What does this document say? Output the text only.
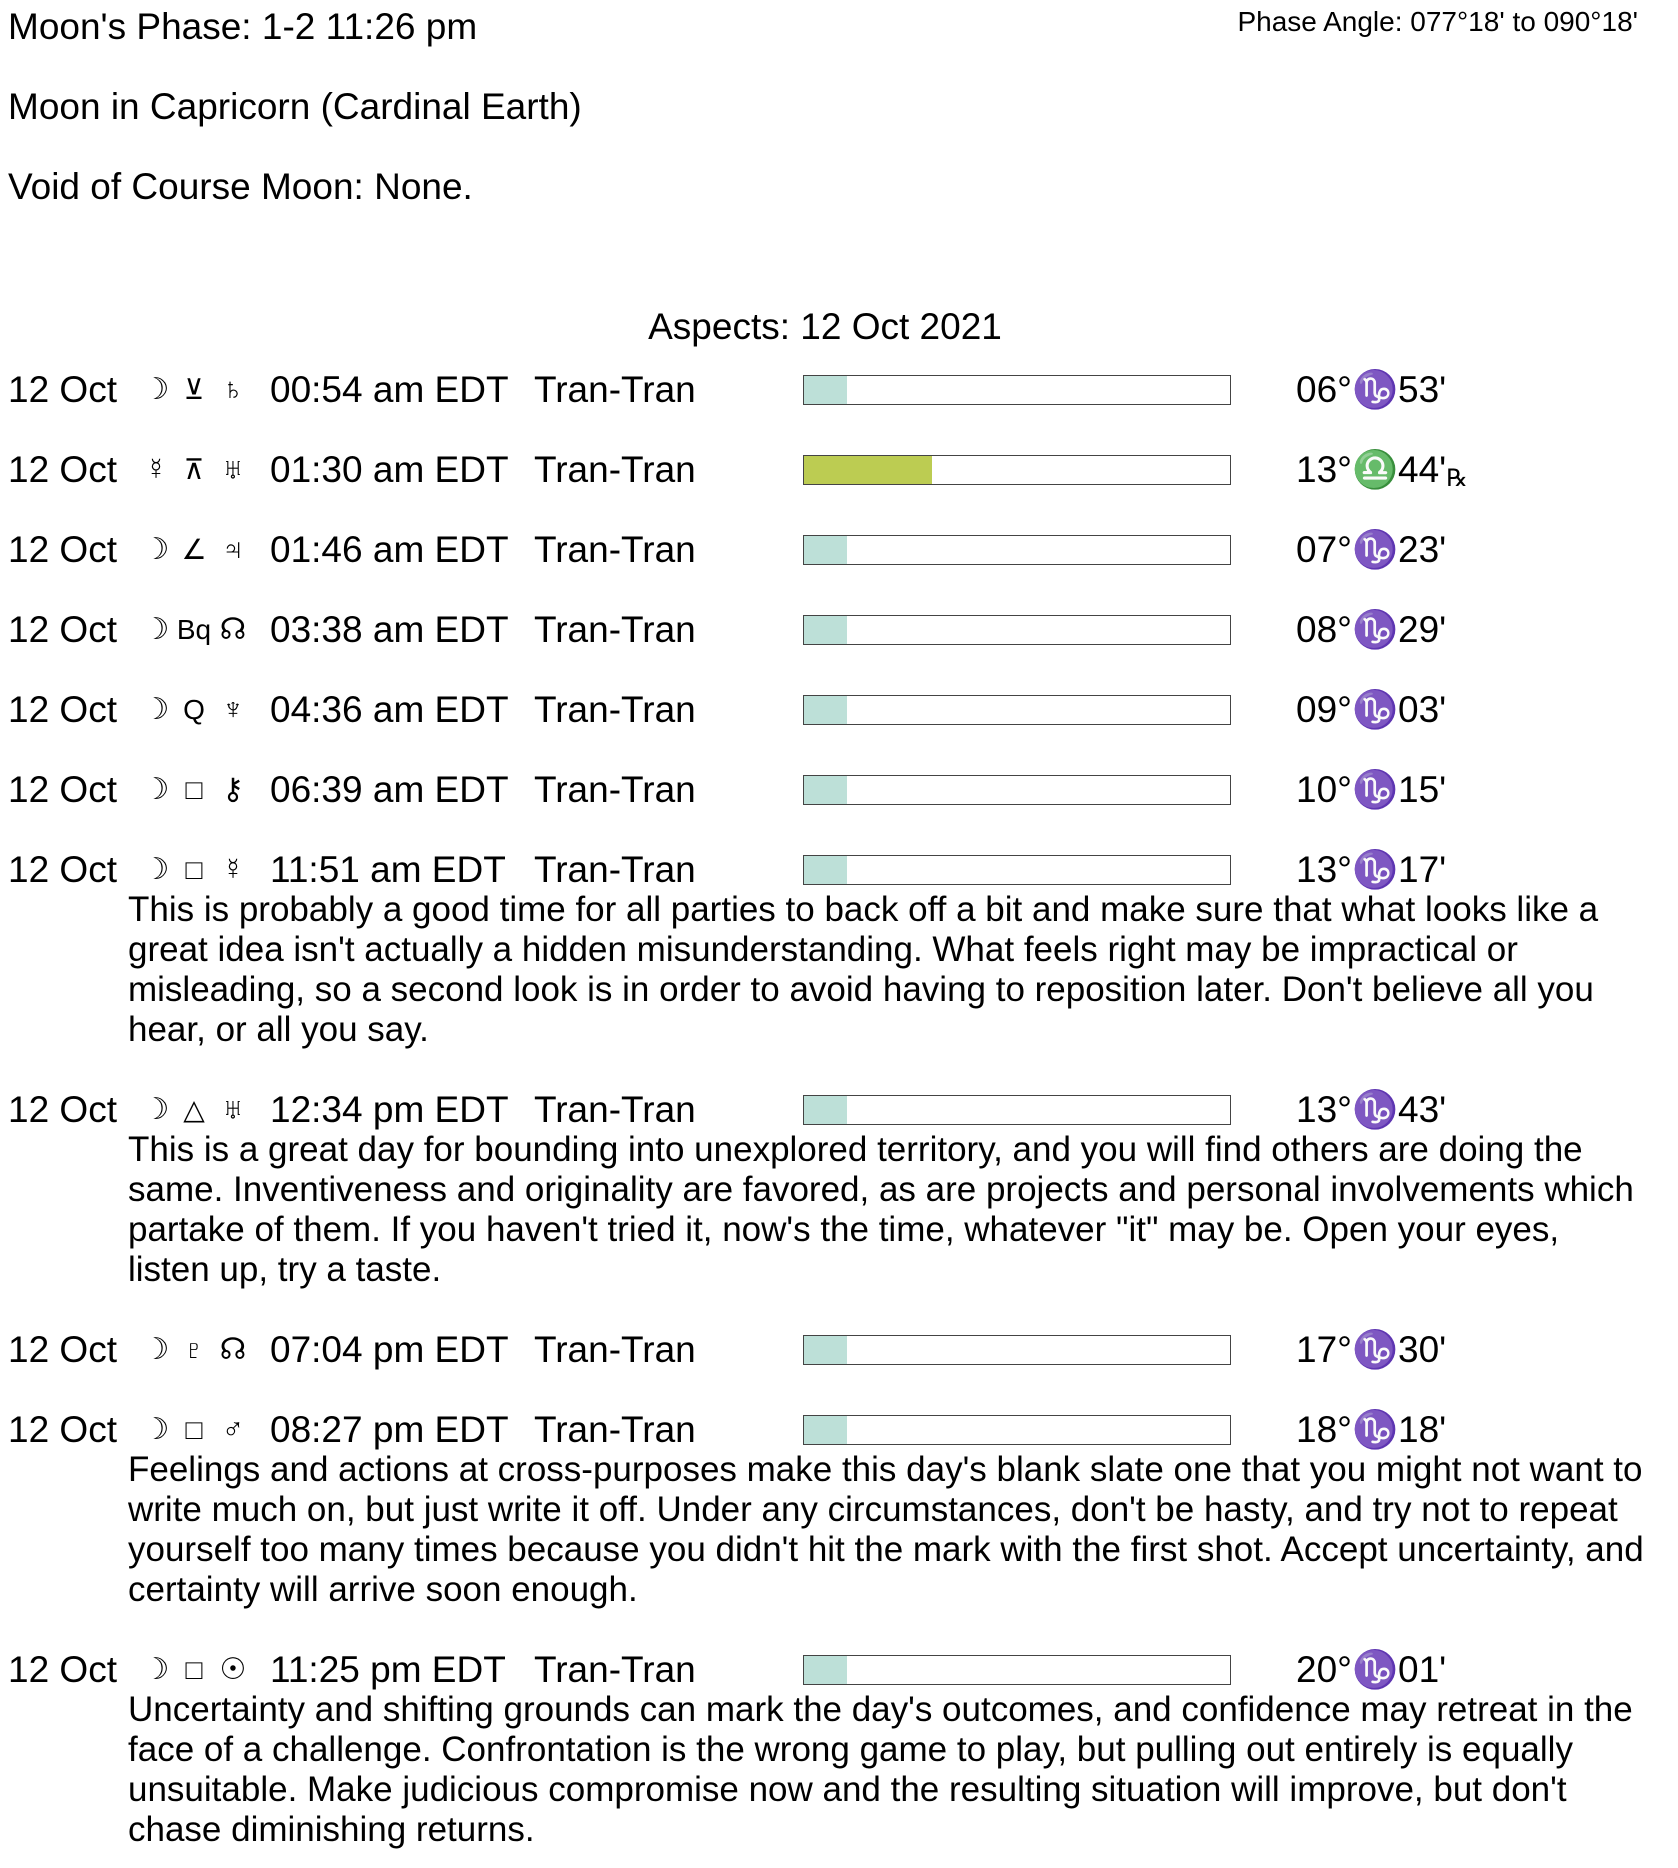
Moon's Phase: 1-2 11:26 pm	Phase Angle: 077°18' to 090°18'
Moon in Capricorn (Cardinal Earth)
Void of Course Moon: None.
Aspects: 12 Oct 2021
12 Oct ☽ ⊻ ♄ 00:54 am EDT Tran-Tran	06°♑53'
12 Oct ☿ ⊼ ♅ 01:30 am EDT Tran-Tran	13°♎44'℞
12 Oct ☽ ∠ ♃ 01:46 am EDT Tran-Tran	07°♑23'
12 Oct ☽ Bq ☊ 03:38 am EDT Tran-Tran	08°♑29'
12 Oct ☽ Q ♆ 04:36 am EDT Tran-Tran	09°♑03'
12 Oct ☽ □ ⚷ 06:39 am EDT Tran-Tran	10°♑15'
12 Oct ☽ □ ☿ 11:51 am EDT Tran-Tran	13°♑17'
This is probably a good time for all parties to back off a bit and make sure that what looks like a great idea isn't actually a hidden misunderstanding. What feels right may be impractical or misleading, so a second look is in order to avoid having to reposition later. Don't believe all you hear, or all you say.
12 Oct ☽ △ ♅ 12:34 pm EDT Tran-Tran	13°♑43'
This is a great day for bounding into unexplored territory, and you will find others are doing the same. Inventiveness and originality are favored, as are projects and personal involvements which partake of them. If you haven't tried it, now's the time, whatever "it" may be. Open your eyes, listen up, try a taste.
12 Oct ☽ ♇ ☊ 07:04 pm EDT Tran-Tran	17°♑30'
12 Oct ☽ □ ♂ 08:27 pm EDT Tran-Tran	18°♑18'
Feelings and actions at cross-purposes make this day's blank slate one that you might not want to write much on, but just write it off. Under any circumstances, don't be hasty, and try not to repeat yourself too many times because you didn't hit the mark with the first shot. Accept uncertainty, and certainty will arrive soon enough.
12 Oct ☽ □ ☉ 11:25 pm EDT Tran-Tran	20°♑01'
Uncertainty and shifting grounds can mark the day's outcomes, and confidence may retreat in the face of a challenge. Confrontation is the wrong game to play, but pulling out entirely is equally unsuitable. Make judicious compromise now and the resulting situation will improve, but don't chase diminishing returns.
